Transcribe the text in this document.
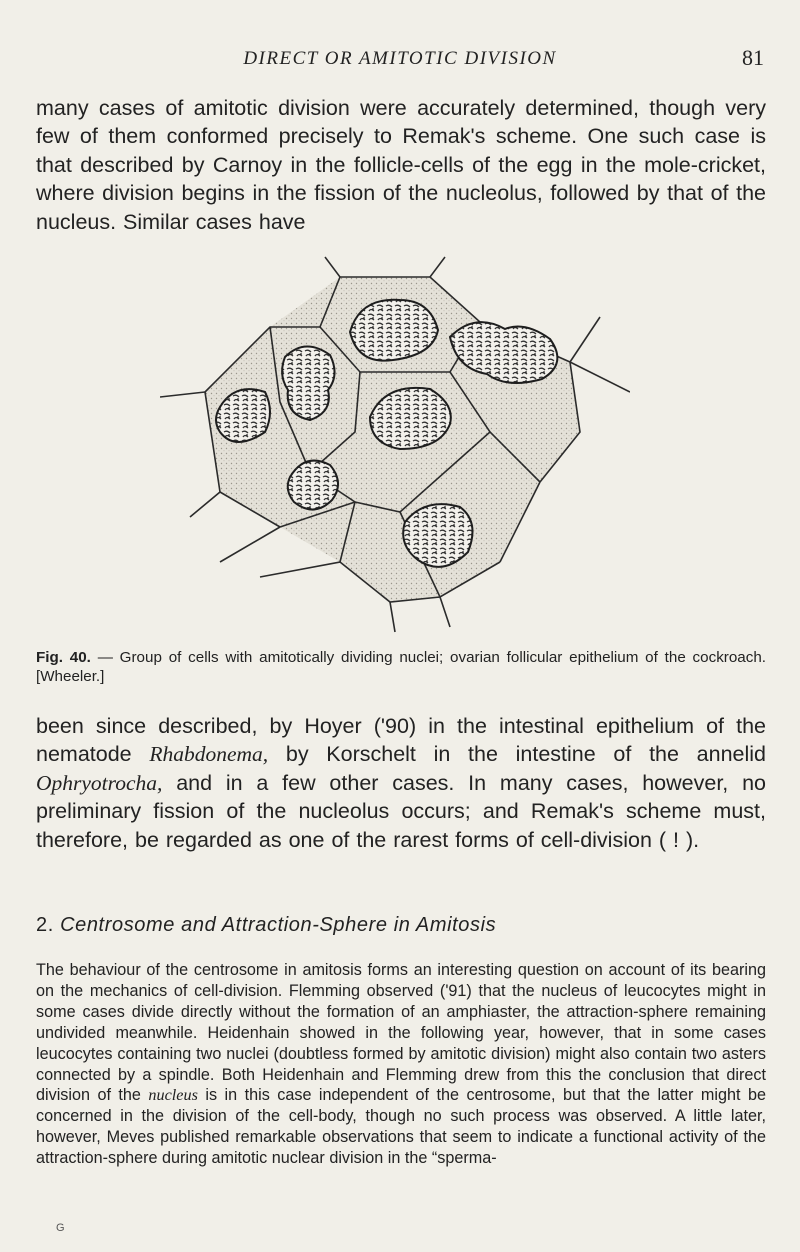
DIRECT OR AMITOTIC DIVISION	81

many cases of amitotic division were accurately determined, though very few of them conformed precisely to Remak's scheme. One such case is that described by Carnoy in the follicle-cells of the egg in the mole-cricket, where division begins in the fission of the nucleolus, followed by that of the nucleus. Similar cases have

Fig. 40. — Group of cells with amitotically dividing nuclei; ovarian follicular epithelium of the cockroach. [Wheeler.]

been since described, by Hoyer ('90) in the intestinal epithelium of the nematode Rhabdonema, by Korschelt in the intestine of the annelid Ophryotrocha, and in a few other cases. In many cases, however, no preliminary fission of the nucleolus occurs; and Remak's scheme must, therefore, be regarded as one of the rarest forms of cell-division ( ! ).

2. Centrosome and Attraction-Sphere in Amitosis

The behaviour of the centrosome in amitosis forms an interesting question on account of its bearing on the mechanics of cell-division. Flemming observed ('91) that the nucleus of leucocytes might in some cases divide directly without the formation of an amphiaster, the attraction-sphere remaining undivided meanwhile. Heidenhain showed in the following year, however, that in some cases leucocytes containing two nuclei (doubtless formed by amitotic division) might also contain two asters connected by a spindle. Both Heidenhain and Flemming drew from this the conclusion that direct division of the nucleus is in this case independent of the centrosome, but that the latter might be concerned in the division of the cell-body, though no such process was observed. A little later, however, Meves published remarkable observations that seem to indicate a functional activity of the attraction-sphere during amitotic nuclear division in the “sperma-

G
